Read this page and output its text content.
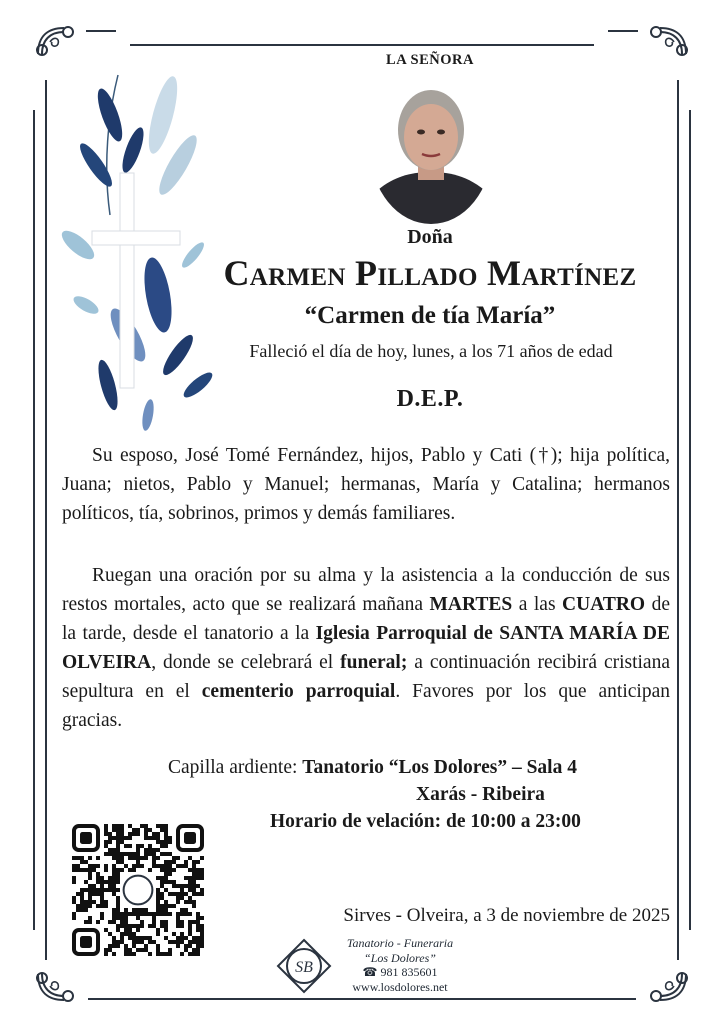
LA SEÑORA
Doña
Carmen Pillado Martínez
“Carmen de tía María”
Falleció el día de hoy, lunes, a los 71 años de edad
D.E.P.

Su esposo, José Tomé Fernández, hijos, Pablo y Cati (†); hija política, Juana; nietos, Pablo y Manuel; hermanas, María y Catalina; hermanos políticos, tía, sobrinos, primos y demás familiares.

Ruegan una oración por su alma y la asistencia a la conducción de sus restos mortales, acto que se realizará mañana MARTES a las CUATRO de la tarde, desde el tanatorio a la Iglesia Parroquial de SANTA MARÍA DE OLVEIRA, donde se celebrará el funeral; a continuación recibirá cristiana sepultura en el cementerio parroquial. Favores por los que anticipan gracias.

Capilla ardiente: Tanatorio “Los Dolores” – Sala 4
Xarás - Ribeira
Horario de velación: de 10:00 a 23:00
Sirves - Olveira, a 3 de noviembre de 2025
SB
Tanatorio - Funeraria
“Los Dolores”
☎ 981 835601
www.losdolores.net
